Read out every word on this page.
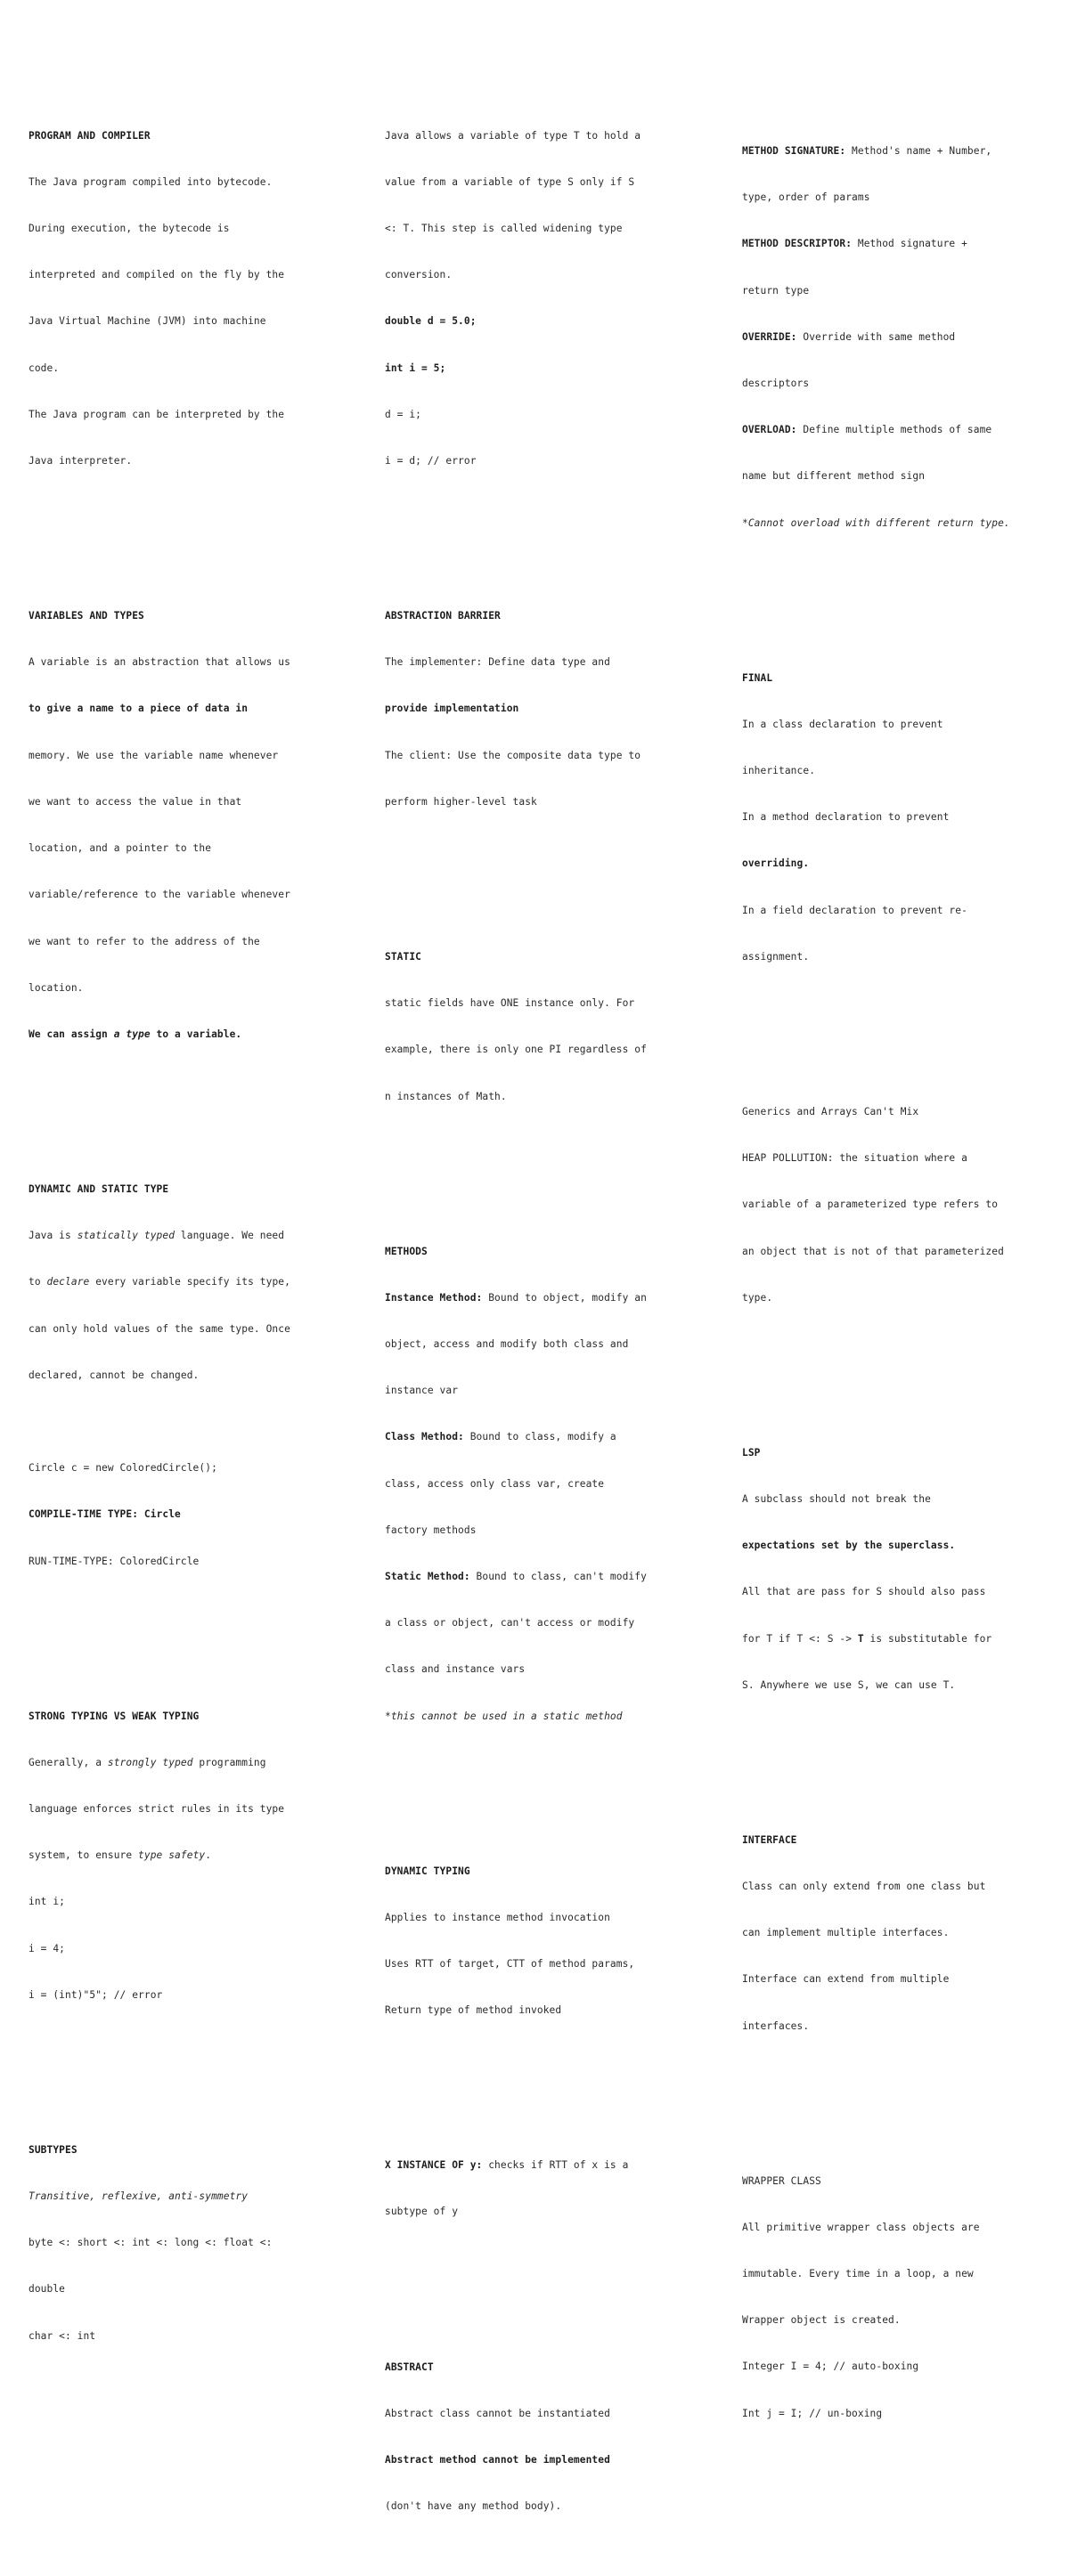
PROGRAM AND COMPILER

The Java program compiled into bytecode.

During execution, the bytecode is

interpreted and compiled on the fly by the

Java Virtual Machine (JVM) into machine

code.

The Java program can be interpreted by the

Java interpreter.

VARIABLES AND TYPES

A variable is an abstraction that allows us

to give a name to a piece of data in

memory. We use the variable name whenever

we want to access the value in that

location, and a pointer to the

variable/reference to the variable whenever

we want to refer to the address of the

location.

We can assign a type to a variable.

DYNAMIC AND STATIC TYPE

Java is statically typed language. We need

to declare every variable specify its type,

can only hold values of the same type. Once

declared, cannot be changed.

Circle c = new ColoredCircle();

COMPILE-TIME TYPE: Circle

RUN-TIME-TYPE: ColoredCircle

STRONG TYPING VS WEAK TYPING

Generally, a strongly typed programming

language enforces strict rules in its type

system, to ensure type safety.

int i;

i = 4;

i = (int)"5"; // error

SUBTYPES

Transitive, reflexive, anti-symmetry

byte <: short <: int <: long <: float <:

double

char <: int

Java allows a variable of type T to hold a

value from a variable of type S only if S

<: T. This step is called widening type

conversion.

double d = 5.0;

int i = 5;

d = i;

i = d; // error

ABSTRACTION BARRIER

The implementer: Define data type and

provide implementation

The client: Use the composite data type to

perform higher-level task

STATIC

static fields have ONE instance only. For

example, there is only one PI regardless of

n instances of Math.

METHODS

Instance Method: Bound to object, modify an

object, access and modify both class and

instance var

Class Method: Bound to class, modify a

class, access only class var, create

factory methods

Static Method: Bound to class, can't modify

a class or object, can't access or modify

class and instance vars

*this cannot be used in a static method

DYNAMIC TYPING

Applies to instance method invocation

Uses RTT of target, CTT of method params,

Return type of method invoked

X INSTANCE OF y: checks if RTT of x is a

subtype of y

ABSTRACT

Abstract class cannot be instantiated

Abstract method cannot be implemented

(don't have any method body).

METHOD SIGNATURE: Method's name + Number,

type, order of params

METHOD DESCRIPTOR: Method signature +

return type

OVERRIDE: Override with same method

descriptors

OVERLOAD: Define multiple methods of same

name but different method sign

*Cannot overload with different return type.

FINAL

In a class declaration to prevent

inheritance.

In a method declaration to prevent

overriding.

In a field declaration to prevent re-

assignment.

Generics and Arrays Can't Mix

HEAP POLLUTION: the situation where a

variable of a parameterized type refers to

an object that is not of that parameterized

type.

LSP

A subclass should not break the

expectations set by the superclass.

All that are pass for S should also pass

for T if T <: S -> T is substitutable for

S. Anywhere we use S, we can use T.

INTERFACE

Class can only extend from one class but

can implement multiple interfaces.

Interface can extend from multiple

interfaces.

WRAPPER CLASS

All primitive wrapper class objects are

immutable. Every time in a loop, a new

Wrapper object is created.

Integer I = 4; // auto-boxing

Int j = I; // un-boxing
